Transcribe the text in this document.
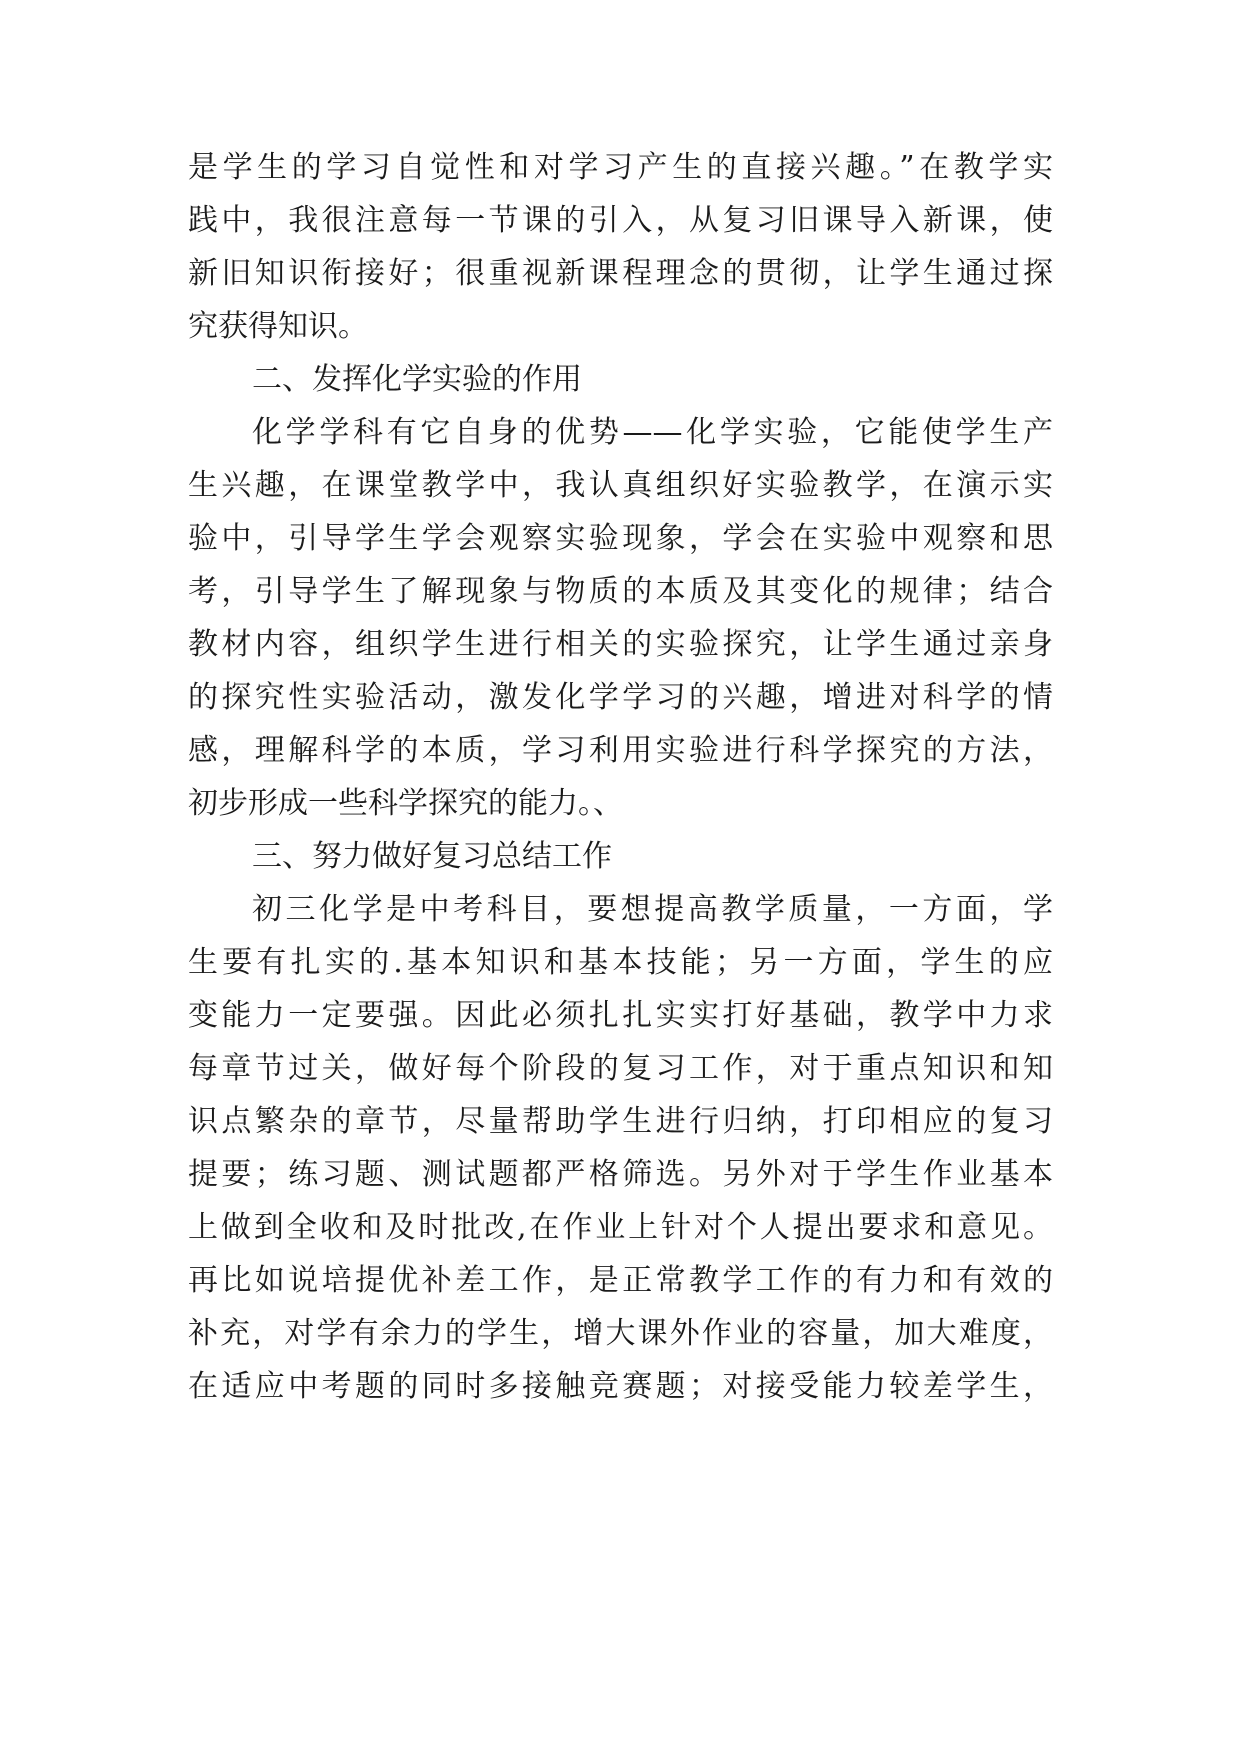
是学生的学习自觉性和对学习产生的直接兴趣。”在教学实
践中，我很注意每一节课的引入，从复习旧课导入新课，使
新旧知识衔接好；很重视新课程理念的贯彻，让学生通过探
究获得知识。
二、发挥化学实验的作用
化学学科有它自身的优势——化学实验，它能使学生产
生兴趣，在课堂教学中，我认真组织好实验教学，在演示实
验中，引导学生学会观察实验现象，学会在实验中观察和思
考，引导学生了解现象与物质的本质及其变化的规律；结合
教材内容，组织学生进行相关的实验探究，让学生通过亲身
的探究性实验活动，激发化学学习的兴趣，增进对科学的情
感，理解科学的本质，学习利用实验进行科学探究的方法，
初步形成一些科学探究的能力。、
三、努力做好复习总结工作
初三化学是中考科目，要想提高教学质量，一方面，学
生要有扎实的.基本知识和基本技能；另一方面，学生的应
变能力一定要强。因此必须扎扎实实打好基础，教学中力求
每章节过关，做好每个阶段的复习工作，对于重点知识和知
识点繁杂的章节，尽量帮助学生进行归纳，打印相应的复习
提要；练习题、测试题都严格筛选。另外对于学生作业基本
上做到全收和及时批改,在作业上针对个人提出要求和意见。
再比如说培提优补差工作，是正常教学工作的有力和有效的
补充，对学有余力的学生，增大课外作业的容量，加大难度，
在适应中考题的同时多接触竞赛题；对接受能力较差学生，
